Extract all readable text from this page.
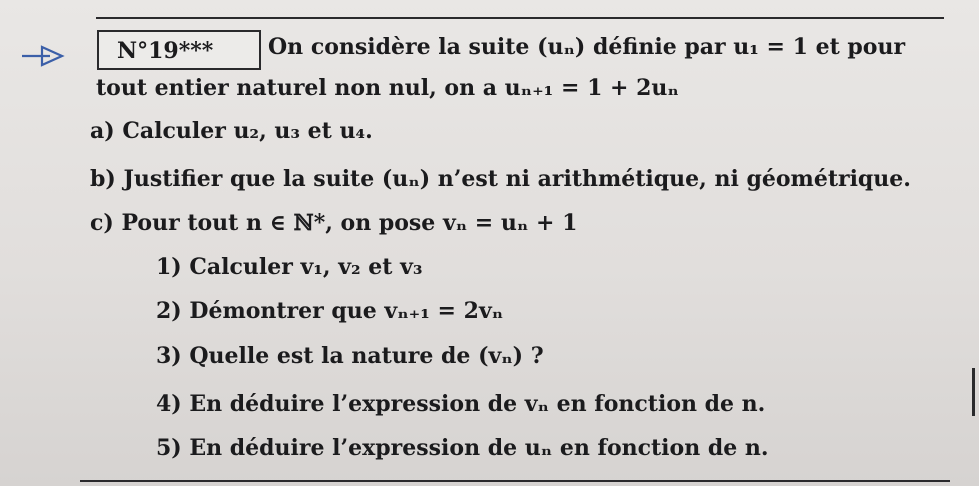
N°19*** On considère la suite (uₙ) définie par u₁ = 1 et pour
tout entier naturel non nul, on a uₙ₊₁ = 1 + 2uₙ
a) Calculer u₂, u₃ et u₄.
b) Justifier que la suite (uₙ) n’est ni arithmétique, ni géométrique.
c) Pour tout n ∈ ℕ*, on pose vₙ = uₙ + 1
1) Calculer v₁, v₂ et v₃
2) Démontrer que vₙ₊₁ = 2vₙ
3) Quelle est la nature de (vₙ) ?
4) En déduire l’expression de vₙ en fonction de n.
5) En déduire l’expression de uₙ en fonction de n.
